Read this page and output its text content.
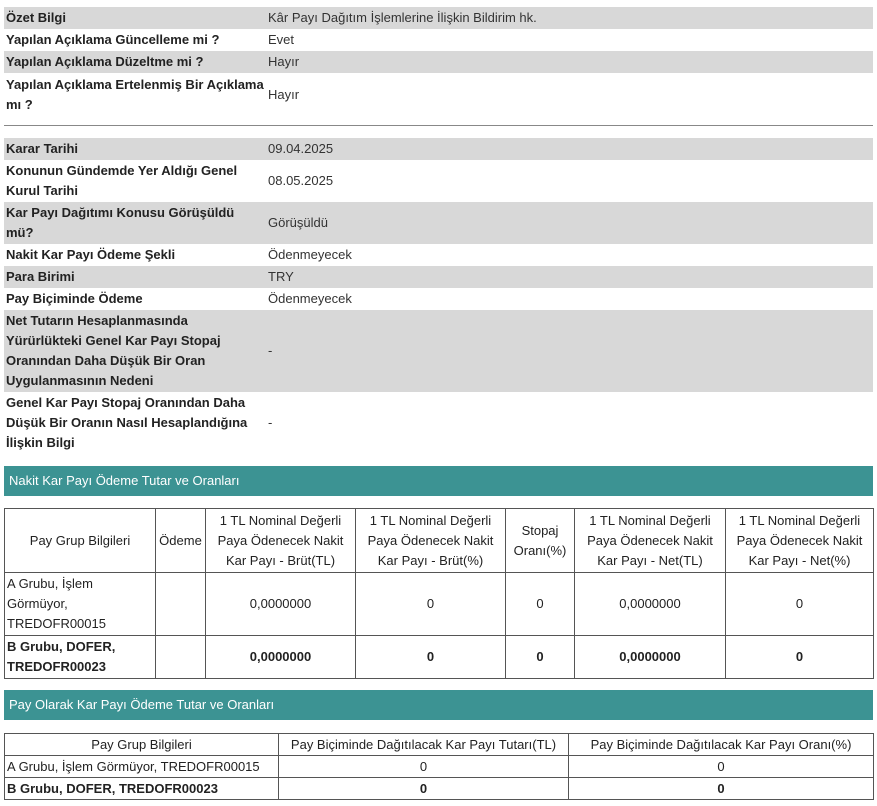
Özet Bilgi	Kâr Payı Dağıtım İşlemlerine İlişkin Bildirim hk.
Yapılan Açıklama Güncelleme mi ?	Evet
Yapılan Açıklama Düzeltme mi ?	Hayır
Yapılan Açıklama Ertelenmiş Bir Açıklama mı ?	Hayır
Karar Tarihi	09.04.2025
Konunun Gündemde Yer Aldığı Genel Kurul Tarihi	08.05.2025
Kar Payı Dağıtımı Konusu Görüşüldü mü?	Görüşüldü
Nakit Kar Payı Ödeme Şekli	Ödenmeyecek
Para Birimi	TRY
Pay Biçiminde Ödeme	Ödenmeyecek
Net Tutarın Hesaplanmasında Yürürlükteki Genel Kar Payı Stopaj Oranından Daha Düşük Bir Oran Uygulanmasının Nedeni	-
Genel Kar Payı Stopaj Oranından Daha Düşük Bir Oranın Nasıl Hesaplandığına İlişkin Bilgi	-
Nakit Kar Payı Ödeme Tutar ve Oranları
Pay Grup Bilgileri	Ödeme	1 TL Nominal Değerli Paya Ödenecek Nakit Kar Payı - Brüt(TL)	1 TL Nominal Değerli Paya Ödenecek Nakit Kar Payı - Brüt(%)	Stopaj Oranı(%)	1 TL Nominal Değerli Paya Ödenecek Nakit Kar Payı - Net(TL)	1 TL Nominal Değerli Paya Ödenecek Nakit Kar Payı - Net(%)
A Grubu, İşlem Görmüyor, TREDOFR00015		0,0000000	0	0	0,0000000	0
B Grubu, DOFER, TREDOFR00023		0,0000000	0	0	0,0000000	0
Pay Olarak Kar Payı Ödeme Tutar ve Oranları
Pay Grup Bilgileri	Pay Biçiminde Dağıtılacak Kar Payı Tutarı(TL)	Pay Biçiminde Dağıtılacak Kar Payı Oranı(%)
A Grubu, İşlem Görmüyor, TREDOFR00015	0	0
B Grubu, DOFER, TREDOFR00023	0	0
